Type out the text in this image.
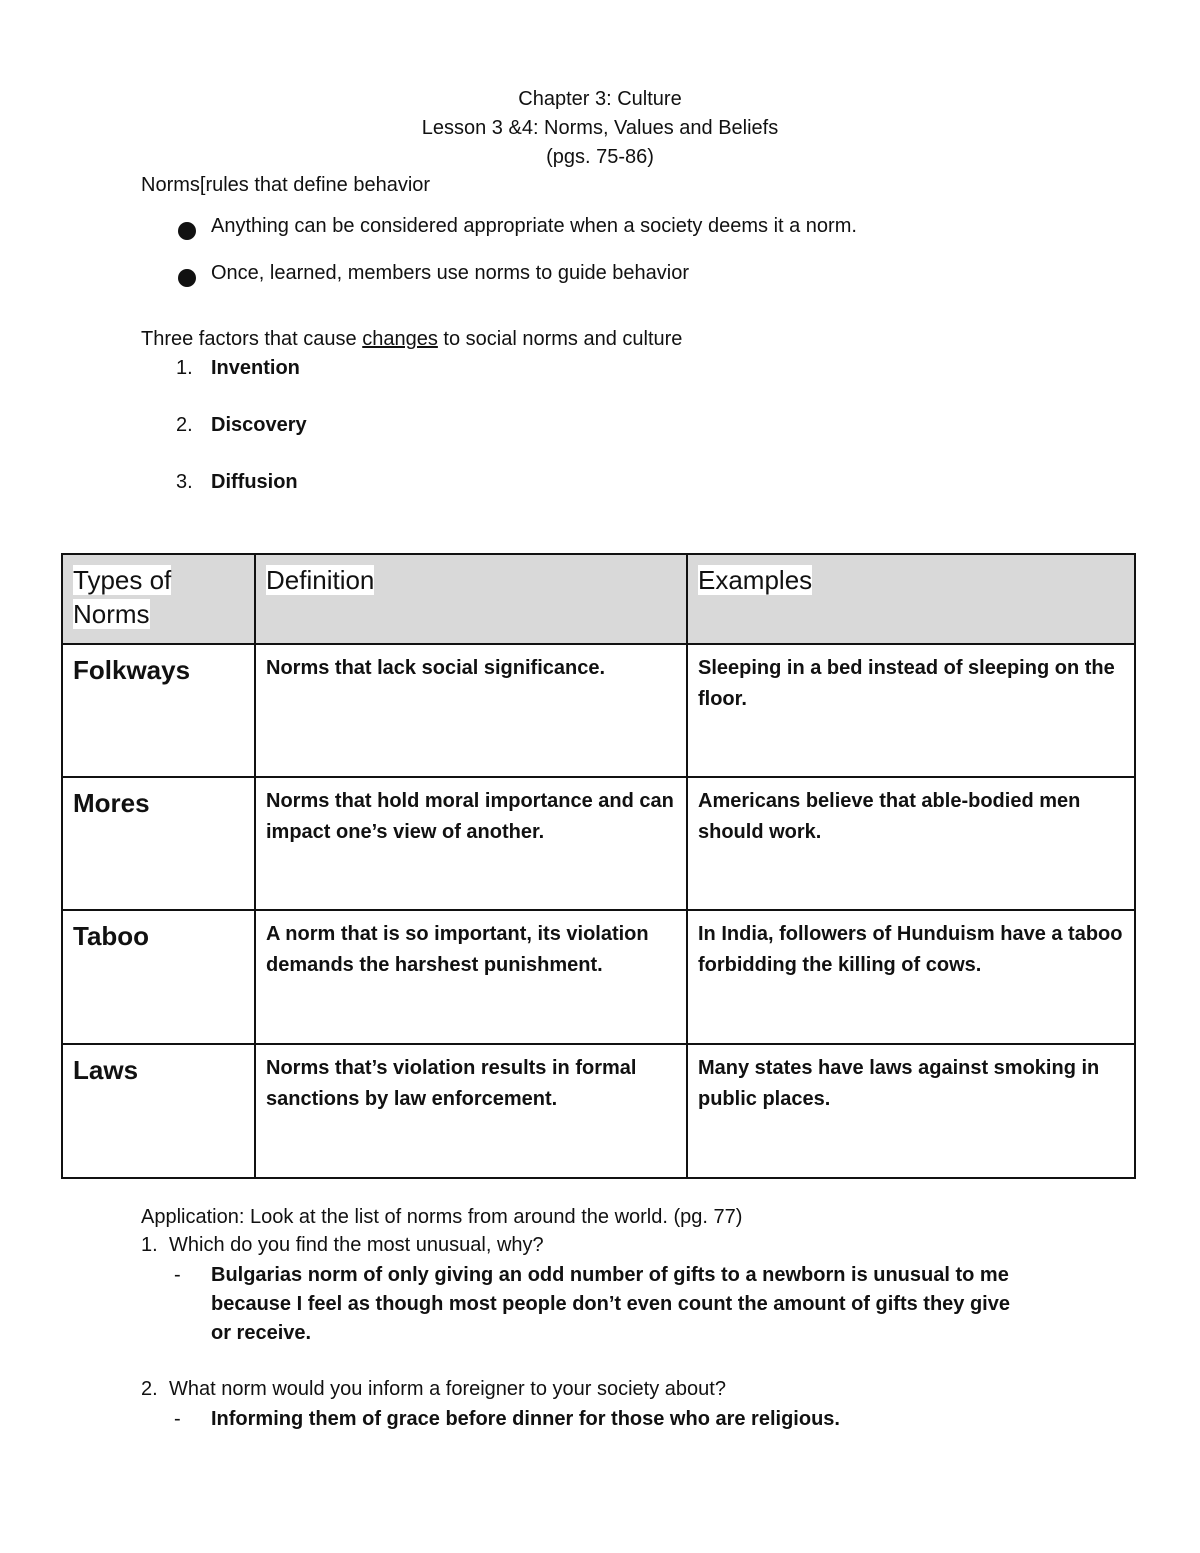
Chapter 3: Culture
Lesson 3 &4: Norms, Values and Beliefs
(pgs. 75-86)
Norms[rules that define behavior
Anything can be considered appropriate when a society deems it a norm.
Once, learned, members use norms to guide behavior
Three factors that cause changes to social norms and culture
1. Invention
2. Discovery
3. Diffusion
Types of Norms	Definition	Examples
Folkways	Norms that lack social significance.	Sleeping in a bed instead of sleeping on the floor.
Mores	Norms that hold moral importance and can impact one’s view of another.	Americans believe that able-bodied men should work.
Taboo	A norm that is so important, its violation demands the harshest punishment.	In India, followers of Hunduism have a taboo forbidding the killing of cows.
Laws	Norms that’s violation results in formal sanctions by law enforcement.	Many states have laws against smoking in public places.
Application: Look at the list of norms from around the world. (pg. 77)
1. Which do you find the most unusual, why?
- Bulgarias norm of only giving an odd number of gifts to a newborn is unusual to me
because I feel as though most people don’t even count the amount of gifts they give
or receive.
2. What norm would you inform a foreigner to your society about?
- Informing them of grace before dinner for those who are religious.
